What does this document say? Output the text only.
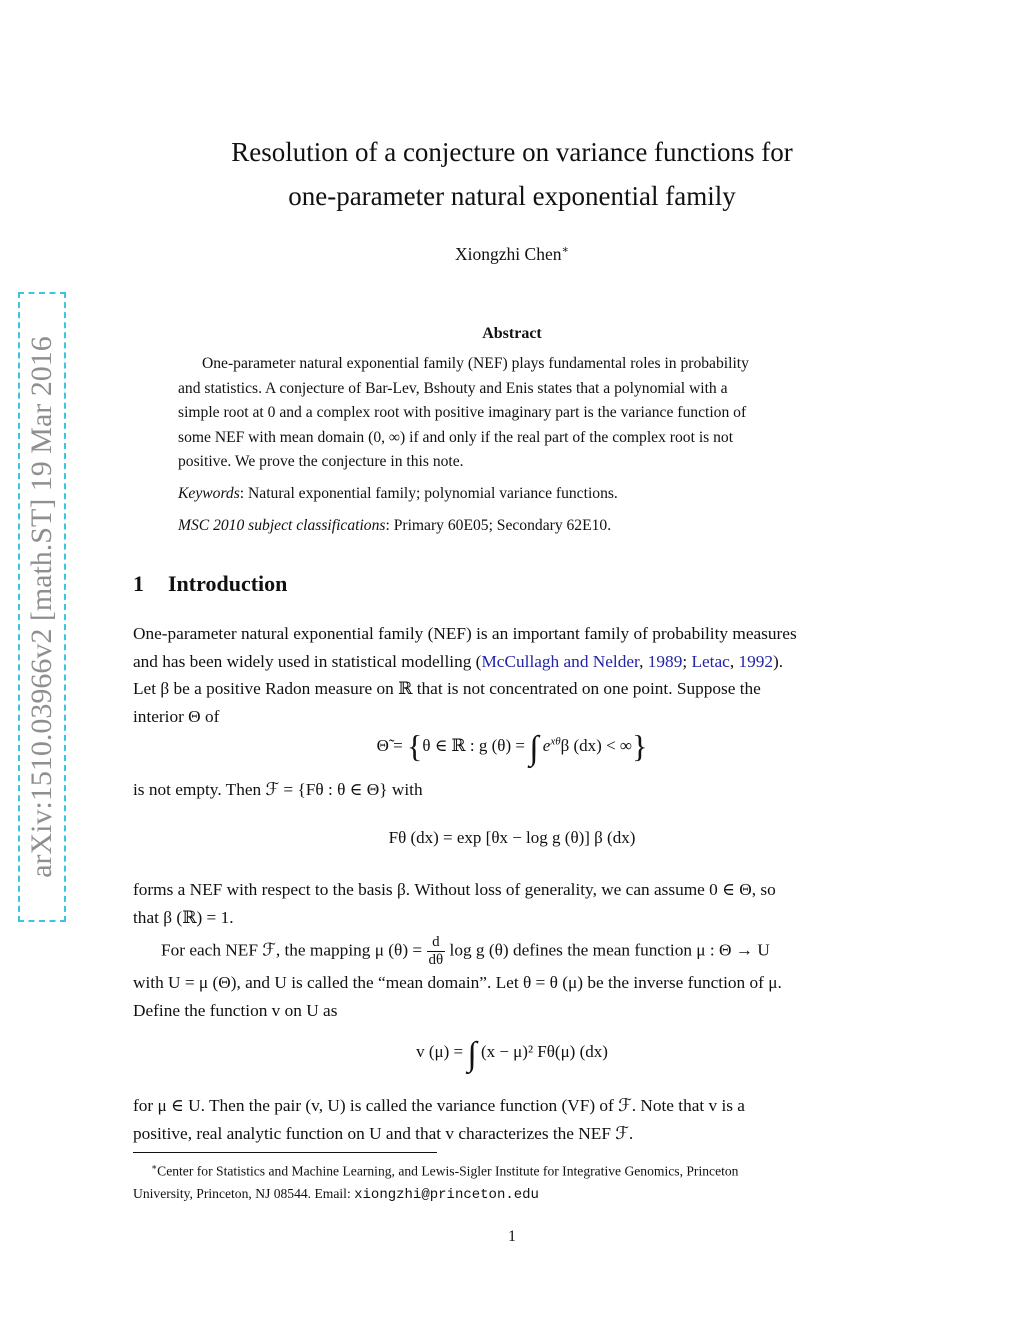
arXiv:1510.03966v2 [math.ST] 19 Mar 2016
Resolution of a conjecture on variance functions for
one-parameter natural exponential family
Xiongzhi Chen∗
Abstract
One-parameter natural exponential family (NEF) plays fundamental roles in probability
and statistics. A conjecture of Bar-Lev, Bshouty and Enis states that a polynomial with a
simple root at 0 and a complex root with positive imaginary part is the variance function of
some NEF with mean domain (0, ∞) if and only if the real part of the complex root is not
positive. We prove the conjecture in this note.
Keywords: Natural exponential family; polynomial variance functions.
MSC 2010 subject classifications: Primary 60E05; Secondary 62E10.
1 Introduction
One-parameter natural exponential family (NEF) is an important family of probability measures
and has been widely used in statistical modelling (McCullagh and Nelder, 1989; Letac, 1992).
Let β be a positive Radon measure on ℝ that is not concentrated on one point. Suppose the
interior Θ of
Θ̃ = {θ ∈ ℝ : g (θ) = ∫ $e^{x\theta}\beta$ (dx) < ∞}
is not empty. Then ℱ = {Fθ : θ ∈ Θ} with
Fθ (dx) = exp [θx − log g (θ)] β (dx)
forms a NEF with respect to the basis β. Without loss of generality, we can assume 0 ∈ Θ, so
that β (ℝ) = 1.
For each NEF ℱ, the mapping μ $(\theta) = \frac{d}{d\theta}$ log g (θ) defines the mean function μ : Θ → U
with U = μ (Θ), and U is called the “mean domain”. Let θ = θ (μ) be the inverse function of μ.
Define the function v on U as
v (μ) = ∫ (x − μ)² Fθ(μ) (dx)
for μ ∈ U. Then the pair (v, U) is called the variance function (VF) of ℱ. Note that v is a
positive, real analytic function on U and that v characterizes the NEF ℱ.
∗Center for Statistics and Machine Learning, and Lewis-Sigler Institute for Integrative Genomics, Princeton
University, Princeton, NJ 08544. Email: xiongzhi@princeton.edu
1
